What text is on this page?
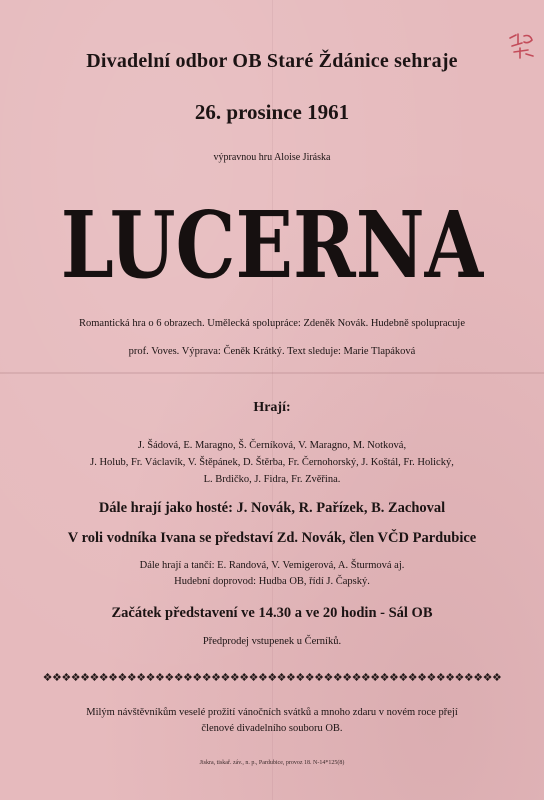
Divadelní odbor OB Staré Ždánice sehraje
26. prosince 1961
výpravnou hru Aloise Jiráska
LUCERNA
Romantická hra o 6 obrazech. Umělecká spolupráce: Zdeněk Novák. Hudebně spolupracuje
prof. Voves. Výprava: Čeněk Krátký. Text sleduje: Marie Tlapáková
Hrají:
J. Šádová, E. Maragno, Š. Černíková, V. Maragno, M. Notková,
J. Holub, Fr. Václavík, V. Štěpánek, D. Štěrba, Fr. Černohorský, J. Koštál, Fr. Holický,
L. Brdičko, J. Fidra, Fr. Zvěřina.
Dále hrají jako hosté: J. Novák, R. Pařízek, B. Zachoval
V roli vodníka Ivana se představí Zd. Novák, člen VČD Pardubice
Dále hrají a tančí: E. Randová, V. Vemigerová, A. Šturmová aj.
Hudební doprovod: Hudba OB, řídí J. Čapský.
Začátek představení ve 14.30 a ve 20 hodin - Sál OB
Předprodej vstupenek u Černíků.
❖❖❖❖❖❖❖❖❖❖❖❖❖❖❖❖❖❖❖❖❖❖❖❖❖❖❖❖❖❖❖❖❖❖❖❖❖❖❖❖❖❖❖❖❖❖❖❖❖
Milým návštěvníkům veselé prožití vánočních svátků a mnoho zdaru v novém roce přejí
členové divadelního souboru OB.
Jiskra, tiskař. záv., n. p., Pardubice, provoz 18. N-14*125(8)
